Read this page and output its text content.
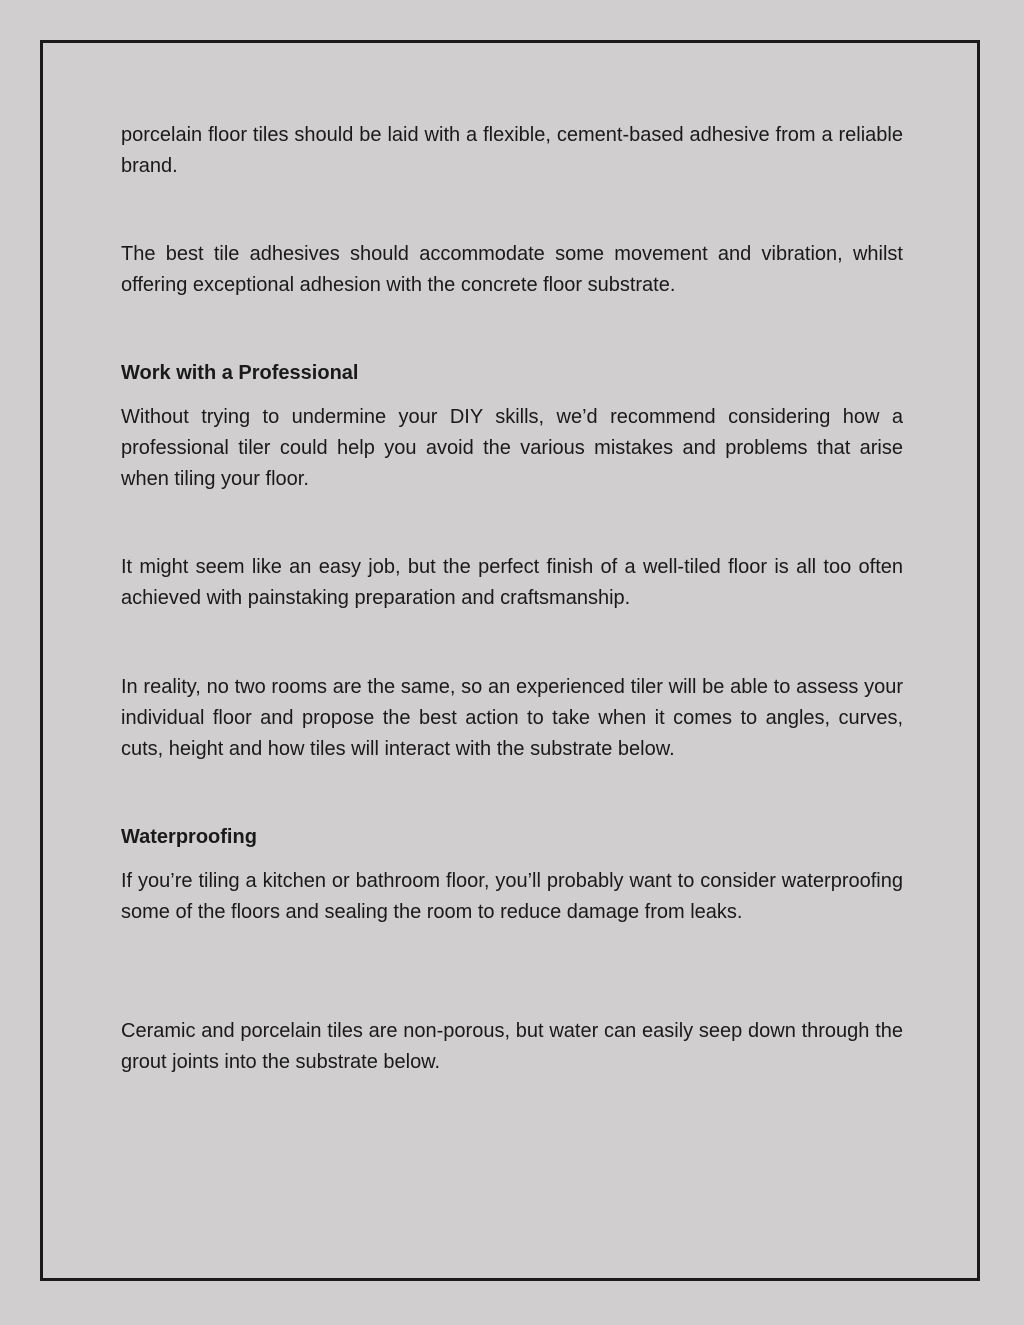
porcelain floor tiles should be laid with a flexible, cement-based adhesive from a reliable brand.

The best tile adhesives should accommodate some movement and vibration, whilst offering exceptional adhesion with the concrete floor substrate.

Work with a Professional

Without trying to undermine your DIY skills, we’d recommend considering how a professional tiler could help you avoid the various mistakes and problems that arise when tiling your floor.

It might seem like an easy job, but the perfect finish of a well-tiled floor is all too often achieved with painstaking preparation and craftsmanship.

In reality, no two rooms are the same, so an experienced tiler will be able to assess your individual floor and propose the best action to take when it comes to angles, curves, cuts, height and how tiles will interact with the substrate below.

Waterproofing

If you’re tiling a kitchen or bathroom floor, you’ll probably want to consider waterproofing some of the floors and sealing the room to reduce damage from leaks.

Ceramic and porcelain tiles are non-porous, but water can easily seep down through the grout joints into the substrate below.
